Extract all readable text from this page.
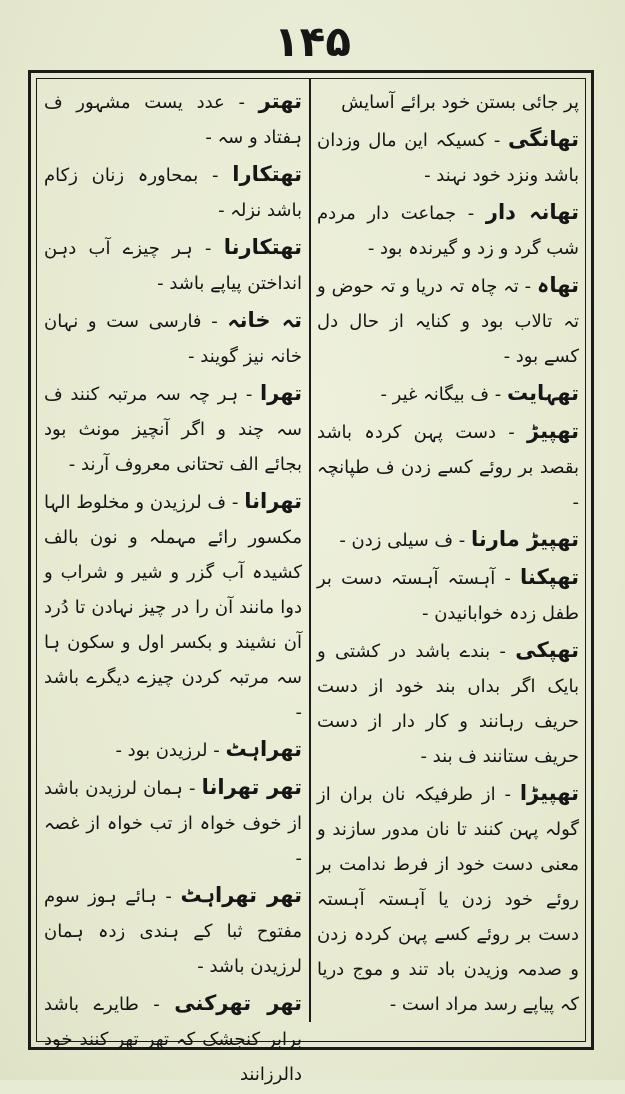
۱۴۵

پر جائی بستن خود برائے آسایش

تھانگی - کسیکہ این مال وزدان باشد ونزد خود نہند -

تھانہ دار - جماعت دار مردم شب گرد و زد و گیرندہ بود -

تھاہ - تہ چاہ تہ دریا و تہ حوض و تہ تالاب بود و کنایہ از حال دل کسے بود -

تھہایت - ف بیگانہ غیر -

تھپیڑ - دست پہن کردہ باشد بقصد بر روئے کسے زدن ف طپانچہ -

تھپیڑ مارنا - ف سیلی زدن -

تھپکنا - آہستہ آہستہ دست بر طفل زدہ خوابانیدن -

تھپکی - بندے باشد در کشتی و بایک اگر بداں بند خود از دست حریف رہانند و کار دار از دست حریف ستانند ف بند -

تھپیڑا - از طرفیکہ نان بران از گولہ پہن کنند تا نان مدور سازند و معنی دست خود از فرط ندامت بر روئے خود زدن یا آہستہ آہستہ دست بر روئے کسے پہن کردہ زدن و صدمہ وزیدن باد تند و موج دریا کہ پیاپے رسد مراد است -

تھتر - عدد یست مشہور ف ہفتاد و سہ -

تھتکارا - بمحاورہ زنان زکام باشد نزلہ -

تھتکارنا - ہر چیزے آب دہن انداختن پیاپے باشد -

تہ خانہ - فارسی ست و نہان خانہ نیز گویند -

تھرا - ہر چہ سہ مرتبہ کنند ف سہ چند و اگر آنچیز مونث بود بجائے الف تحتانی معروف آرند -

تھرانا - ف لرزیدن و مخلوط الہا مکسور رائے مہملہ و نون بالف کشیدہ آب گزر و شیر و شراب و دوا مانند آن را در چیز نہادن تا دُرد آن نشیند و بکسر اول و سکون ہا سہ مرتبہ کردن چیزے دیگرے باشد -

تھراہٹ - لرزیدن بود -

تھر تھرانا - ہمان لرزیدن باشد از خوف خواہ از تب خواہ از غصہ -

تھر تھراہٹ - ہائے ہوز سوم مفتوح ثبا کے ہندی زدہ ہمان لرزیدن باشد -

تھر تھرکنی - طایرے باشد برابر کنجشک کہ تھر تھر کنند خود دالرزانند
